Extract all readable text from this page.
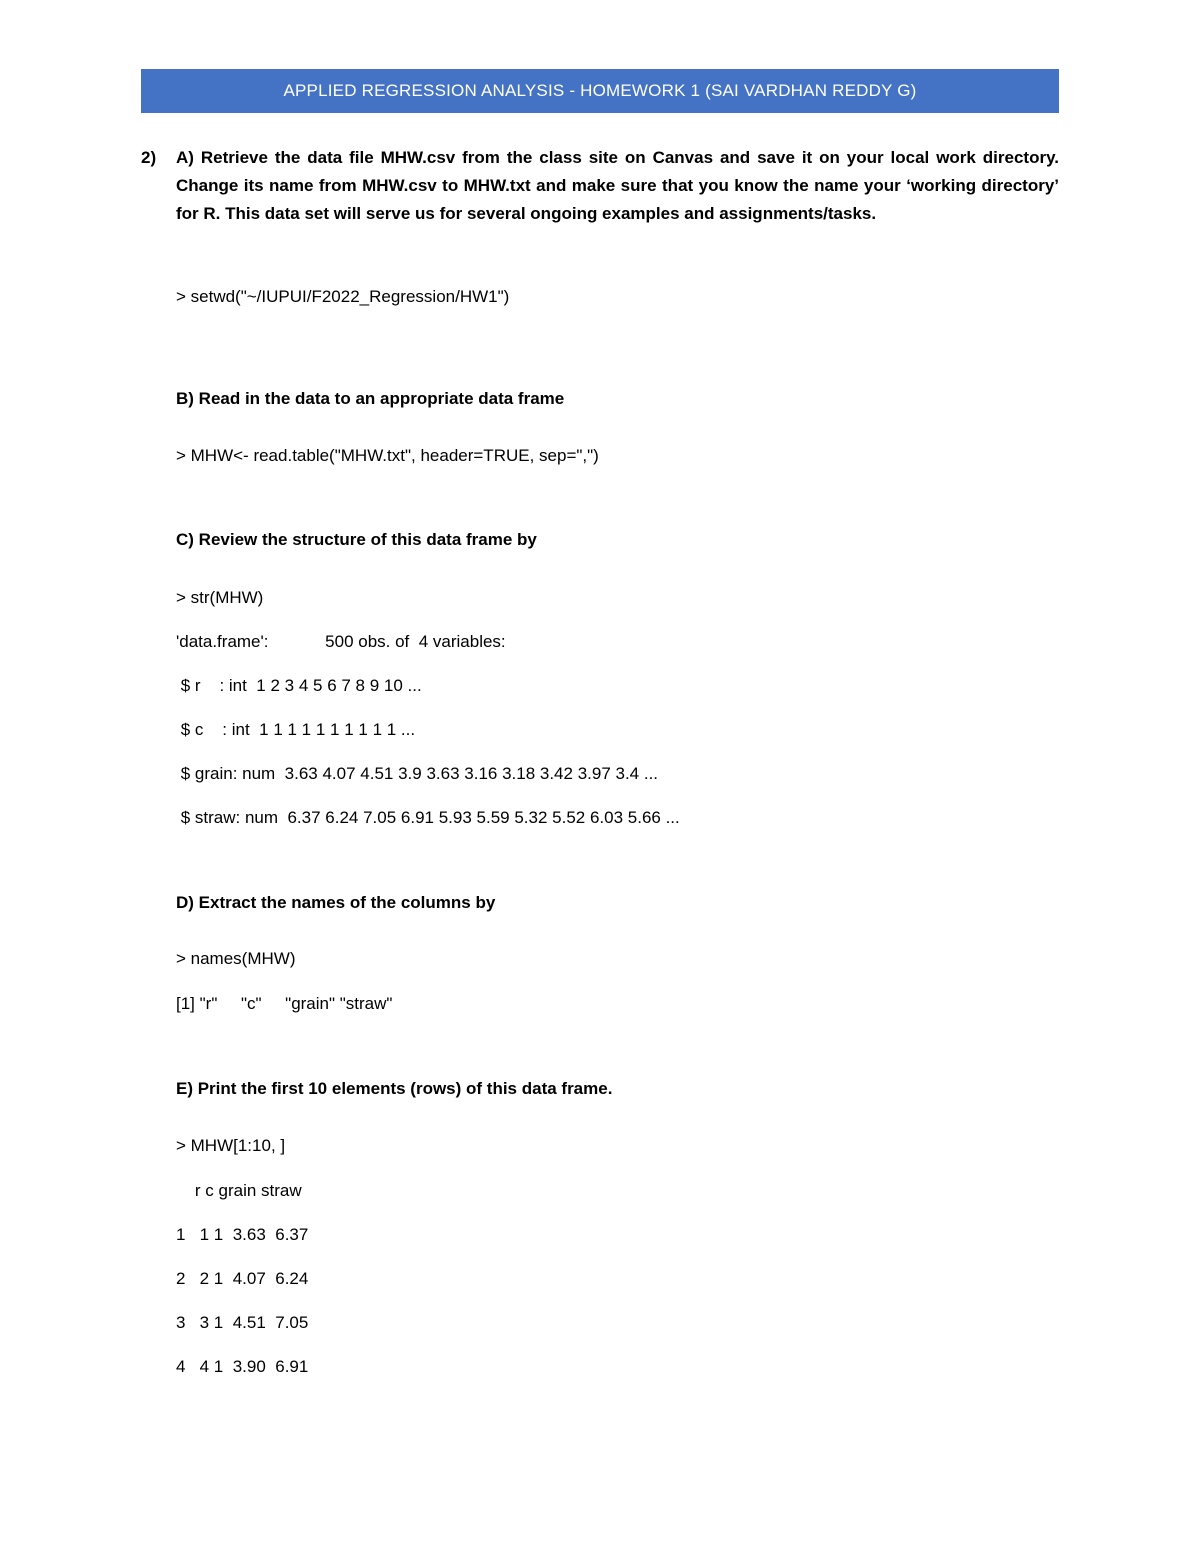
APPLIED REGRESSION ANALYSIS - HOMEWORK 1 (SAI VARDHAN REDDY G)
2) A) Retrieve the data file MHW.csv from the class site on Canvas and save it on your local work directory. Change its name from MHW.csv to MHW.txt and make sure that you know the name your ‘working directory’ for R. This data set will serve us for several ongoing examples and assignments/tasks.
> setwd("~/IUPUI/F2022_Regression/HW1")
B) Read in the data to an appropriate data frame
> MHW<- read.table("MHW.txt", header=TRUE, sep=",")
C) Review the structure of this data frame by
> str(MHW)
'data.frame':            500 obs. of  4 variables:
$ r    : int  1 2 3 4 5 6 7 8 9 10 ...
$ c    : int  1 1 1 1 1 1 1 1 1 1 ...
$ grain: num  3.63 4.07 4.51 3.9 3.63 3.16 3.18 3.42 3.97 3.4 ...
$ straw: num  6.37 6.24 7.05 6.91 5.93 5.59 5.32 5.52 6.03 5.66 ...
D) Extract the names of the columns by
> names(MHW)
[1] "r"     "c"     "grain" "straw"
E) Print the first 10 elements (rows) of this data frame.
> MHW[1:10, ]
r c grain straw
1   1 1  3.63  6.37
2   2 1  4.07  6.24
3   3 1  4.51  7.05
4   4 1  3.90  6.91
